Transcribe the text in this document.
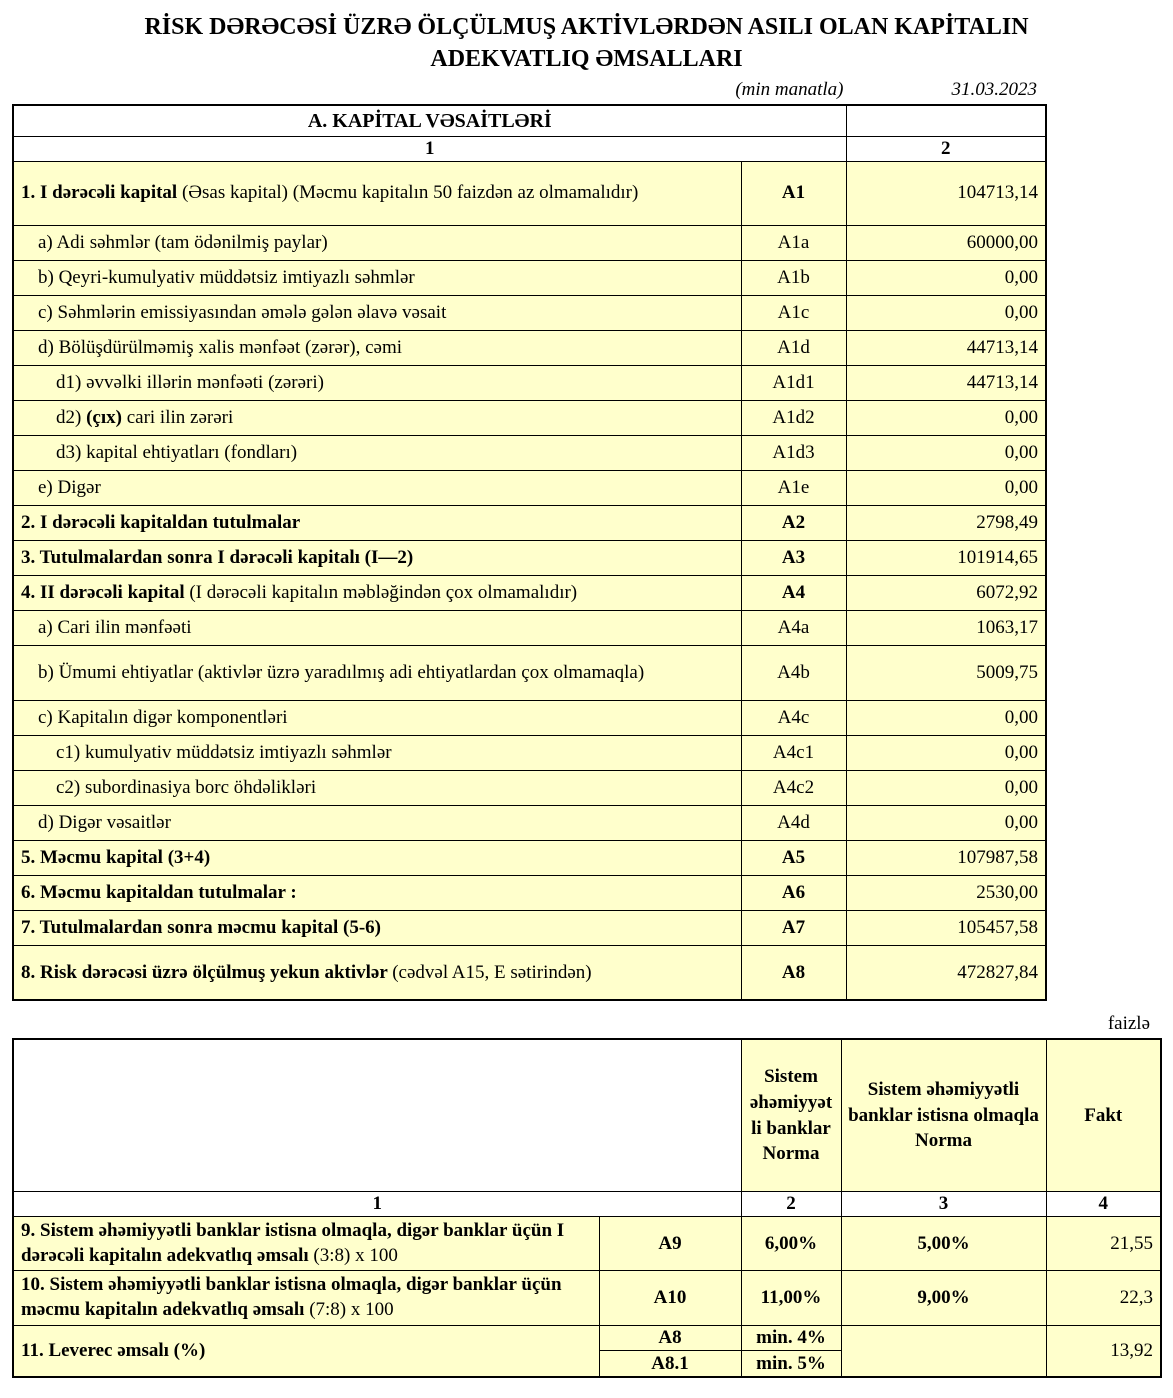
RİSK DƏRƏCƏSİ ÜZRƏ ÖLÇÜLMUŞ AKTİVLƏRDƏN ASILI OLAN KAPİTALIN
ADEKVATLIQ ƏMSALLARI
(min manatla)	31.03.2023
A. KAPİTAL VƏSAİTLƏRİ		
1		2
1. I dərəcəli kapital (Əsas kapital) (Məcmu kapitalın 50 faizdən az olmamalıdır)	A1	104713,14
a) Adi səhmlər (tam ödənilmiş paylar)	A1a	60000,00
b) Qeyri-kumulyativ müddətsiz imtiyazlı səhmlər	A1b	0,00
c) Səhmlərin emissiyasından əmələ gələn əlavə vəsait	A1c	0,00
d) Bölüşdürülməmiş xalis mənfəət (zərər), cəmi	A1d	44713,14
d1) əvvəlki illərin mənfəəti (zərəri)	A1d1	44713,14
d2) (çıx) cari ilin zərəri	A1d2	0,00
d3) kapital ehtiyatları (fondları)	A1d3	0,00
e) Digər	A1e	0,00
2. I dərəcəli kapitaldan tutulmalar	A2	2798,49
3. Tutulmalardan sonra I dərəcəli kapitalı (I—2)	A3	101914,65
4. II dərəcəli kapital (I dərəcəli kapitalın məbləğindən çox olmamalıdır)	A4	6072,92
a) Cari ilin mənfəəti	A4a	1063,17
b) Ümumi ehtiyatlar (aktivlər üzrə yaradılmış adi ehtiyatlardan çox olmamaqla)	A4b	5009,75
c) Kapitalın digər komponentləri	A4c	0,00
c1) kumulyativ müddətsiz imtiyazlı səhmlər	A4c1	0,00
c2) subordinasiya borc öhdəlikləri	A4c2	0,00
d) Digər vəsaitlər	A4d	0,00
5. Məcmu kapital (3+4)	A5	107987,58
6. Məcmu kapitaldan tutulmalar :	A6	2530,00
7. Tutulmalardan sonra məcmu kapital (5-6)	A7	105457,58
8. Risk dərəcəsi üzrə ölçülmuş yekun aktivlər (cədvəl A15, E sətirindən)	A8	472827,84
faizlə
		Sistem əhəmiyyətli banklar Norma	Sistem əhəmiyyətli banklar istisna olmaqla Norma	Fakt
1		2	3	4
9. Sistem əhəmiyyətli banklar istisna olmaqla, digər banklar üçün I dərəcəli kapitalın adekvatlıq əmsalı (3:8) x 100	A9	6,00%	5,00%	21,55
10. Sistem əhəmiyyətli banklar istisna olmaqla, digər banklar üçün məcmu kapitalın adekvatlıq əmsalı (7:8) x 100	A10	11,00%	9,00%	22,3
11. Leverec əmsalı (%)	A8	min. 4%		13,92
	A8.1	min. 5%		
